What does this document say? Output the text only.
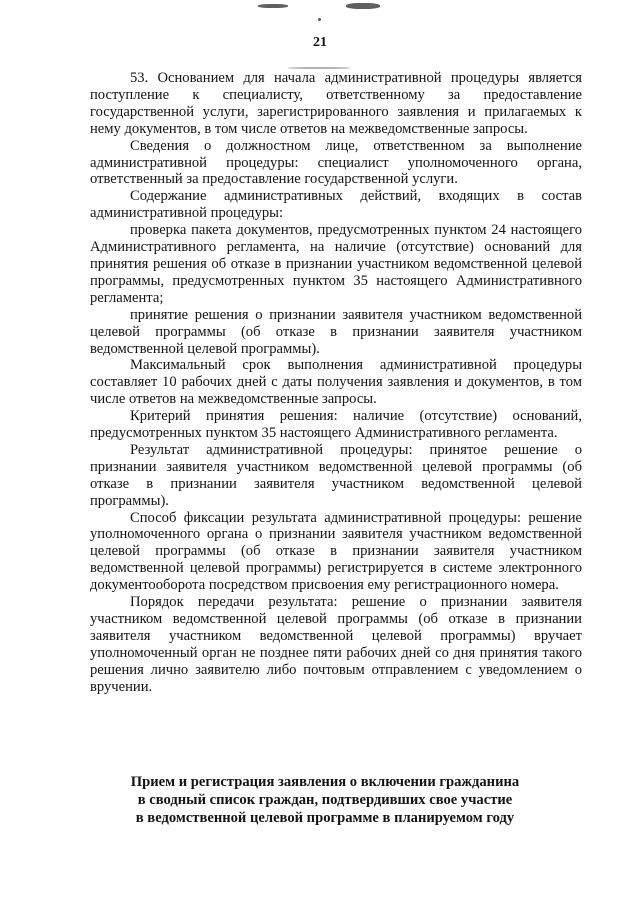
21

53. Основанием для начала административной процедуры является поступление к специалисту, ответственному за предоставление государственной услуги, зарегистрированного заявления и прилагаемых к нему документов, в том числе ответов на межведомственные запросы.

Сведения о должностном лице, ответственном за выполнение административной процедуры: специалист уполномоченного органа, ответственный за предоставление государственной услуги.

Содержание административных действий, входящих в состав административной процедуры:

проверка пакета документов, предусмотренных пунктом 24 настоящего Административного регламента, на наличие (отсутствие) оснований для принятия решения об отказе в признании участником ведомственной целевой программы, предусмотренных пунктом 35 настоящего Административного регламента;

принятие решения о признании заявителя участником ведомственной целевой программы (об отказе в признании заявителя участником ведомственной целевой программы).

Максимальный срок выполнения административной процедуры составляет 10 рабочих дней с даты получения заявления и документов, в том числе ответов на межведомственные запросы.

Критерий принятия решения: наличие (отсутствие) оснований, предусмотренных пунктом 35 настоящего Административного регламента.

Результат административной процедуры: принятое решение о признании заявителя участником ведомственной целевой программы (об отказе в признании заявителя участником ведомственной целевой программы).

Способ фиксации результата административной процедуры: решение уполномоченного органа о признании заявителя участником ведомственной целевой программы (об отказе в признании заявителя участником ведомственной целевой программы) регистрируется в системе электронного документооборота посредством присвоения ему регистрационного номера.

Порядок передачи результата: решение о признании заявителя участником ведомственной целевой программы (об отказе в признании заявителя участником ведомственной целевой программы) вручает уполномоченный орган не позднее пяти рабочих дней со дня принятия такого решения лично заявителю либо почтовым отправлением с уведомлением о вручении.

Прием и регистрация заявления о включении гражданина
в сводный список граждан, подтвердивших свое участие
в ведомственной целевой программе в планируемом году
